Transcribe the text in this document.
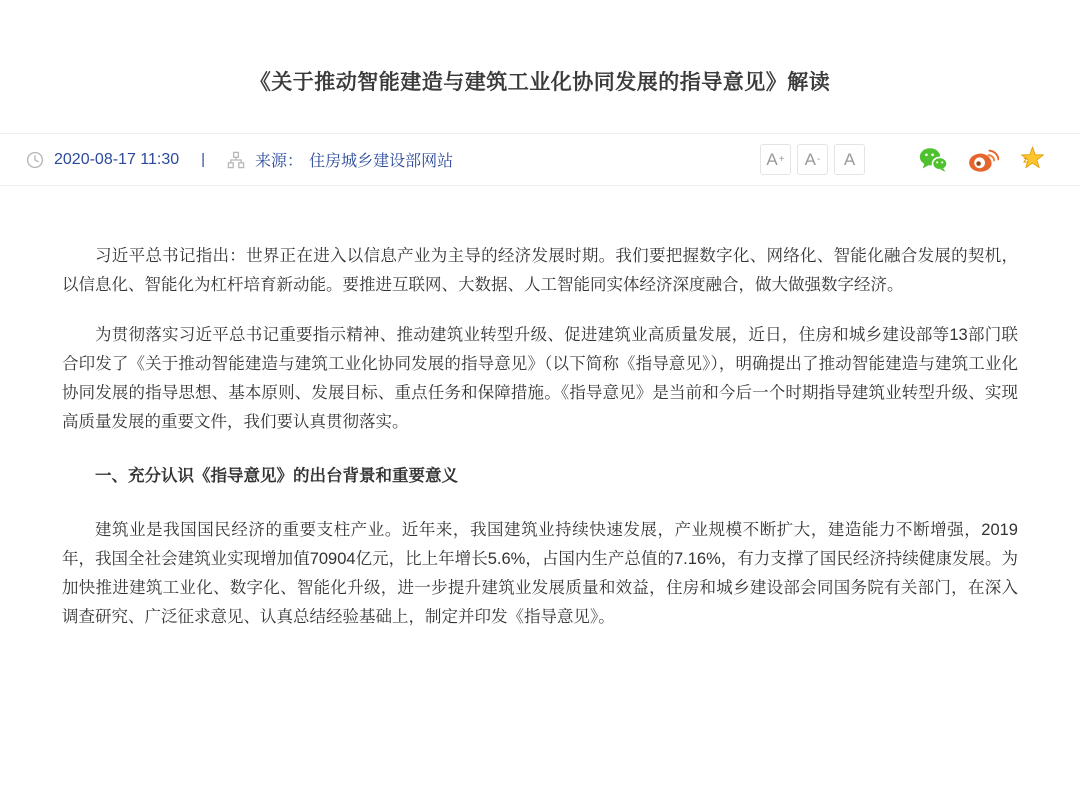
《关于推动智能建造与建筑工业化协同发展的指导意见》解读
2020-08-17 11:30 |	来源： 住房城乡建设部网站	A + A - A	z

习近平总书记指出：世界正在进入以信息产业为主导的经济发展时期。我们要把握数字化、网络化、智能化融合发展的契机，以信息化、智能化为杠杆培育新动能。要推进互联网、大数据、人工智能同实体经济深度融合，做大做强数字经济。

为贯彻落实习近平总书记重要指示精神、推动建筑业转型升级、促进建筑业高质量发展，近日，住房和城乡建设部等13部门联合印发了《关于推动智能建造与建筑工业化协同发展的指导意见》（以下简称《指导意见》），明确提出了推动智能建造与建筑工业化协同发展的指导思想、基本原则、发展目标、重点任务和保障措施。《指导意见》是当前和今后一个时期指导建筑业转型升级、实现高质量发展的重要文件，我们要认真贯彻落实。

一、充分认识《指导意见》的出台背景和重要意义

建筑业是我国国民经济的重要支柱产业。近年来，我国建筑业持续快速发展，产业规模不断扩大，建造能力不断增强，2019年，我国全社会建筑业实现增加值70904亿元，比上年增长5.6%，占国内生产总值的7.16%，有力支撑了国民经济持续健康发展。为加快推进建筑工业化、数字化、智能化升级，进一步提升建筑业发展质量和效益，住房和城乡建设部会同国务院有关部门，在深入调查研究、广泛征求意见、认真总结经验基础上，制定并印发《指导意见》。
